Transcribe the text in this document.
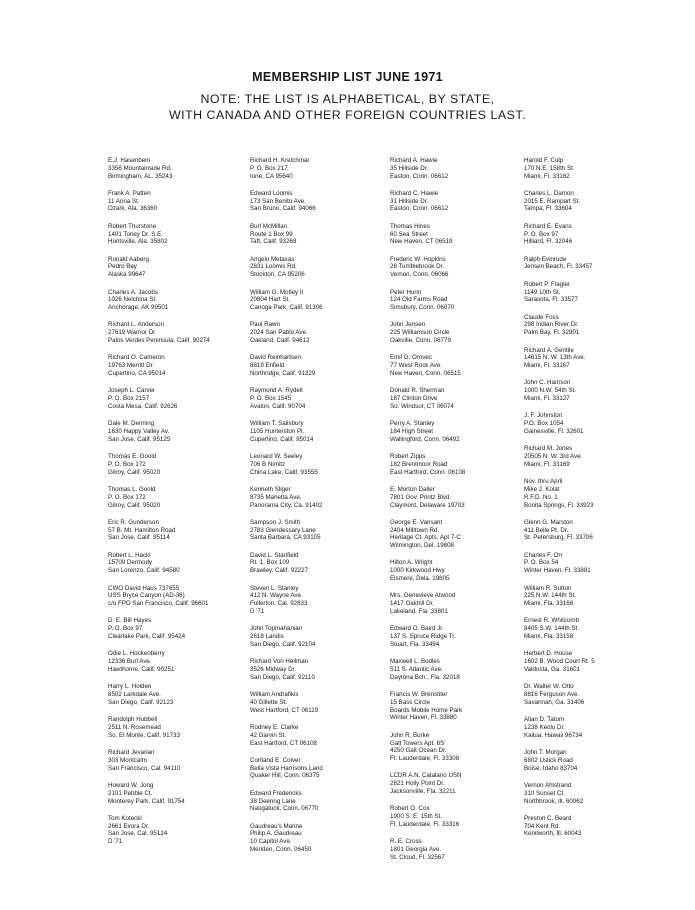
MEMBERSHIP LIST JUNE 1971
NOTE: THE LIST IS ALPHABETICAL, BY STATE,
WITH CANADA AND OTHER FOREIGN COUNTRIES LAST.
E.J. Hasenbein
3356 Mountainside Rd.
Birmingham, AL. 35243
Frank A. Patten
11 Anna St.
Ozark, Ala. 36360
Robert Thurstone
1401 Toney Dr. S.E.
Huntsville, Ala. 35802
Ronald Aaberg
Pedro Bay
Alaska 99647
Charles A. Jacobs
1026 Nelchina St.
Anchorage, AK 99501
Richard L. Anderson
27619 Warrior Dr.
Palos Verdes Peninsula, Calif. 90274
Richard O. Cameron
19763 Merritt Dr.
Cupertino, CA 95014
Joseph L. Carver
P. O. Box 2157
Costa Mesa, Calif. 92626
Dale M. Denning
1630 Happy Valley Av.
San Jose, Calif. 95125
Thomas E. Goold
P. O. Box 172
Gilroy, Calif. 95020
Thomas L. Goold
P. O. Box 172
Gilroy, Calif. 95020
Eric R. Gunderson
57 B. Mt. Hamilton Road
San Jose, Calif. 95114
Robert L. Hackl
15709 Dermody
San Lorenzo, Calif. 94580
CWO David Haus 737655
USS Bryce Canyon (AD-36)
c/o FPO San Francisco, Calif. 96601
D. E. Bill Hayes
P. O. Box 97
Clearlake Park, Calif. 95424
Odie L. Hockenberry
12336 Burl Ave.
Hawthorne, Calif. 90251
Harry L. Holden
8502 Larkdale Ave.
San Diego, Calif. 92123
Randolph Hubbell
2511 N. Rosemead
So. El Monte, Calif. 91733
Richard Jevarian
303 Montcalm
San Francisco, Cal. 94110
Howard W. Jong
2101 Pebble Ct.
Monterey Park, Calif. 91754
Tom Kotecki
2661 Evora Dr.
San Jose, Cal. 95124
D '71
Richard H. Kretchmar
P. O. Box 217
Ione, CA 95640
Edward Loomis
173 San Benito Ave.
San Bruno, Calif. 94066
Burl McMillan
Route 1 Box 99
Taft, Calif. 93268
Angelo Metaxas
2831 Loomis Rd.
Stockton, CA 95206
William G. Motley II
20804 Hart St.
Canoga Park, Calif. 91306
Paul Rawn
2024 San Pablo Ave.
Oakland, Calif. 94612
David Reinhartsen
8819 Enfield
Northridge, Calif. 91329
Raymond A. Rydell
P. O. Box 1545
Avalon, Calif. 90704
William T. Salisbury
1105 Hunterston Pl.
Cupertino, Calif. 95014
Leonard W. Seeley
706 B Nimitz
China Lake, Calif. 93555
Kenneth Sliger
8735 Marietta Ave.
Panorama City, Ca. 91402
Sampson J. Smith
2783 Glendessary Lane
Santa Barbara, CA 93105
David L. Stanfield
Rt. 1, Box 109
Brawley, Calif. 92227
Steven L. Stanley
412 N. Wayne Ave.
Fullerton, Cal. 92633
D '71
John Topmahanian
2618 Landis
San Diego, Calif. 92104
Richard Von Heilman
3526 Midway Dr.
San Diego, Calif. 92110
William Andrafikis
40 Gillette St.
West Hartford, CT 06119
Rodney E. Clarke
42 Garvin St.
East Hartford, CT 06108
Cortland E. Colver
Bella Vista Harrisons Land
Quaker Hill, Conn. 06375
Edward Fredericks
38 Deering Lane
Naugatuck, Conn. 06770
Gaudreau's Marine
Philip A. Gaudreau
10 Capitol Ave.
Meriden, Conn. 06450
Richard A. Hawie
35 Hillside Dr.
Easton, Conn. 06612
Richard C. Hawie
31 Hillside Dr.
Easton, Conn. 06612
Thomas Hines
60 Sea Street
New Haven, CT 06519
Frederic W. Hopkins
28 Tumblebrook Dr.
Vernon, Conn. 06066
Peter Hunn
124 Old Farms Road
Simsbury, Conn. 06070
John Jensen
225 Williamson Circle
Oakville, Conn. 06779
Emil G. Orovec
77 West Rock Ave.
New Haven, Conn. 06515
Donald R. Sherman
187 Clinton Drive
So. Windsor, CT 06074
Perry A. Stanley
184 High Street
Wallingford, Conn. 06492
Robert Zipps
182 Brentmoor Road
East Hartford, Conn. 06108
E. Morton Daller
7801 Gov. Printz Blvd.
Claymont, Delaware 19703
George E. Vansant
2404 Milltown Rd.
Heritage Ct. Apts. Apt 7-C
Wilmington, Del. 19808
Hilton A. Wright
1000 Kirkwood Hwy.
Elsmere, Dela. 19805
Mrs. Genevieve Atwood
1417 Oakhill Dr.
Lakeland, Fla. 33801
Edward O. Baird Jr.
137 S. Spruce Ridge Tr.
Stuart, Fla. 33494
Maxwell L. Bodles
511 S. Atlantic Ave.
Daytona Bch., Fla. 32018
Francis W. Brenstiter
15 Bass Circle
Boards Mobile Home Park
Winter Haven, Fl. 33880
John R. Burke
Galt Towers Apt. 6S
4250 Galt Ocean Dr.
Ft. Lauderdale, Fl. 33308
LCDR A.N. Catalano USN
2821 Holly Point Dr.
Jacksonville, Fla. 32211
Robert O. Cox
1900 S. E. 15th St.
Ft. Lauderdale, Fl. 33316
R. E. Cross
1801 Georgia Ave.
St. Cloud, Fl. 32567
Harold F. Culp
170 N.E. 158th St.
Miami, Fl. 33162
Charles L. Damon
2015 E. Rampart St.
Tampa, Fl. 33604
Richard E. Evans
P. O. Box 97
Hilliard, Fl. 32046
Ralph Evinrude
Jensen Beach, Fl. 33457
Robert P. Flagler
1149 10th St.
Sarasota, Fl. 33577
Claude Foss
298 Indian River Dr.
Palm Bay, Fl. 32901
Richard A. Gentile
14615 N. W. 13th Ave.
Miami, Fl. 33167
John C. Harrison
1000 N.W. 54th St.
Miami, Fl. 33127
J. F. Johnston
P.O. Box 1054
Gainesville, Fl. 32601
Richard M. Jones
20505 N. W. 3rd Ave.
Miami, Fl. 33169
Nov. thru April
Mike J. Kolat
R.F.D. No. 1
Bonita Springs, Fl. 33923
Glenn G. Marston
411 Belle Pt. Dr.
St. Petersburg, Fl. 33706
Charles F. Orr
P. O. Box 54
Winter Haven, Fl. 33881
William R. Sutton
225 N.W. 144th St.
Miami, Fla. 33168
Ernest R. Whitcomb
8405 S.W. 144th St.
Miami, Fla. 33158
Herbert D. House
1602 B. Wood Court Rt. 5
Valdosta, Ga. 31601
Dr. Walter W. Otto
8816 Ferguson Ave.
Savannah, Ga. 31406
Allan D. Tatum
1238 Keolu Dr.
Kailua, Hawaii 96734
John T. Morgan
6802 Ustick Road
Boise, Idaho 83704
Vernon Ahlstrand
310 Sunset Ct.
Northbrook, Ill. 60062
Preston C. Beard
704 Kent Rd.
Kenilworth, Ill. 60043
